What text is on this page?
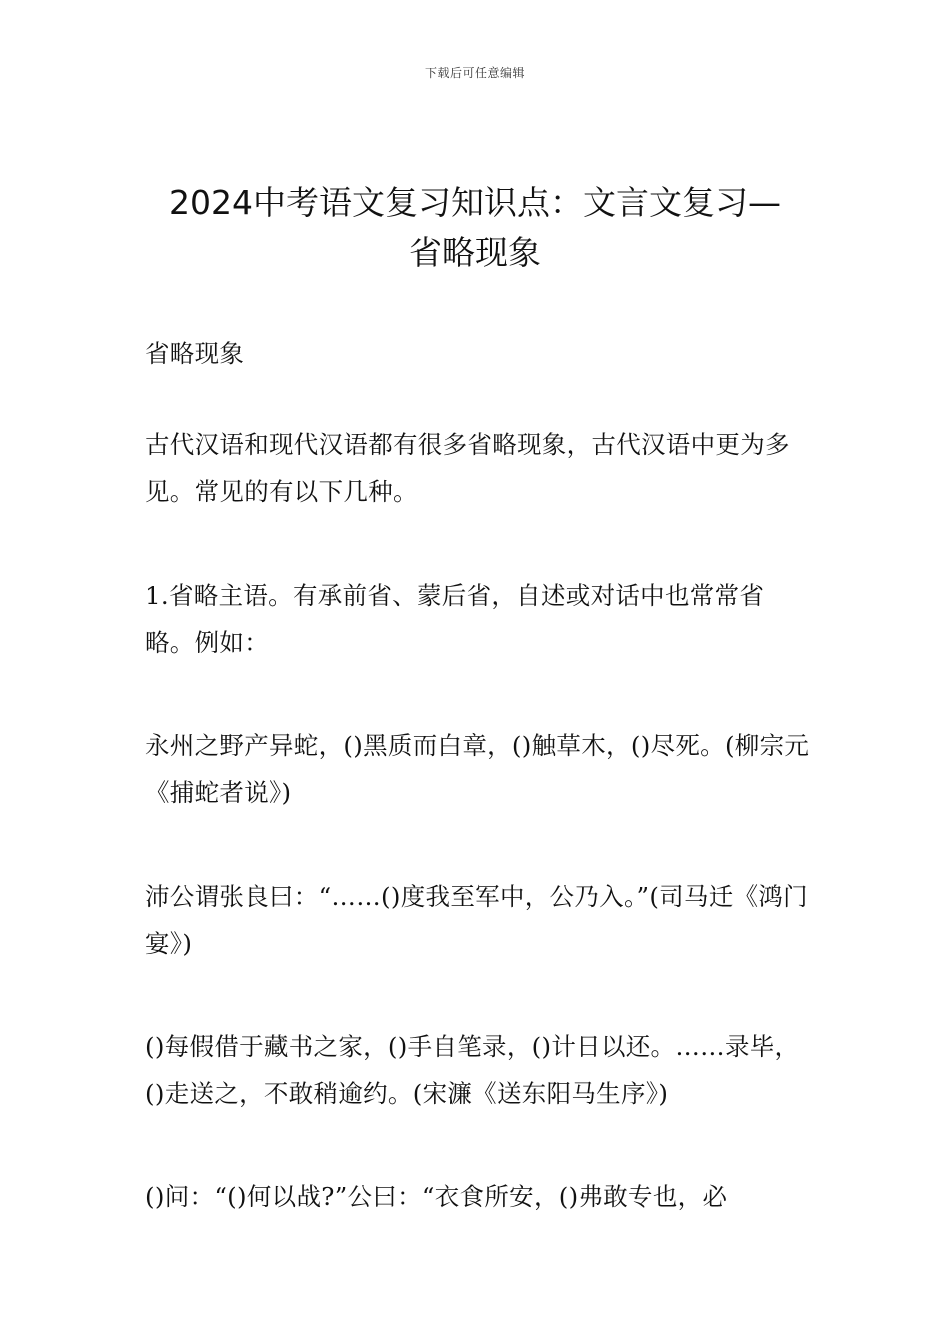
下载后可任意编辑
2024中考语文复习知识点：文言文复习—
省略现象
省略现象
古代汉语和现代汉语都有很多省略现象，古代汉语中更为多见。常见的有以下几种。
1.省略主语。有承前省、蒙后省，自述或对话中也常常省略。例如：
永州之野产异蛇，()黑质而白章，()触草木，()尽死。(柳宗元《捕蛇者说》)
沛公谓张良曰：“……()度我至军中，公乃入。”(司马迁《鸿门宴》)
()每假借于藏书之家，()手自笔录，()计日以还。……录毕，()走送之，不敢稍逾约。(宋濂《送东阳马生序》)
()问：“()何以战?”公曰：“衣食所安，()弗敢专也，必
